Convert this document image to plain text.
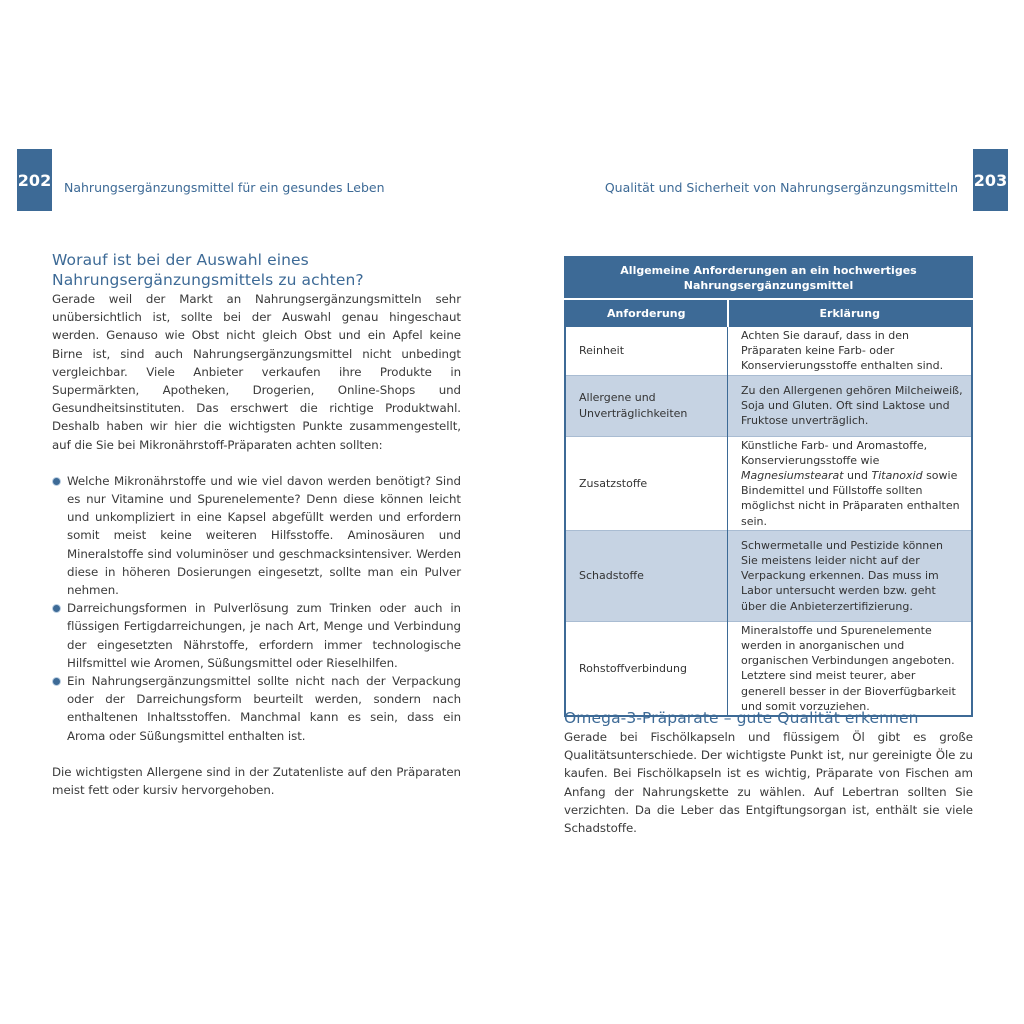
202 Nahrungsergänzungsmittel für ein gesundes Leben	Qualität und Sicherheit von Nahrungsergänzungsmitteln 203
Worauf ist bei der Auswahl eines Nahrungsergänzungsmittels zu achten?

Gerade weil der Markt an Nahrungsergänzungsmitteln sehr unübersichtlich ist, sollte bei der Auswahl genau hingeschaut werden. Genauso wie Obst nicht gleich Obst und ein Apfel keine Birne ist, sind auch Nahrungsergänzungsmittel nicht unbedingt vergleichbar. Viele Anbieter verkaufen ihre Produkte in Supermärkten, Apotheken, Drogerien, Online-Shops und Gesundheitsinstituten. Das erschwert die richtige Produktwahl. Deshalb haben wir hier die wichtigsten Punkte zusammengestellt, auf die Sie bei Mikronährstoff-Präparaten achten sollten:

Welche Mikronährstoffe und wie viel davon werden benötigt? Sind es nur Vitamine und Spurenelemente? Denn diese können leicht und unkompliziert in eine Kapsel abgefüllt werden und erfordern somit meist keine weiteren Hilfsstoffe. Aminosäuren und Mineralstoffe sind voluminöser und geschmacksintensiver. Werden diese in höheren Dosierungen eingesetzt, sollte man ein Pulver nehmen.
Darreichungsformen in Pulverlösung zum Trinken oder auch in flüssigen Fertigdarreichungen, je nach Art, Menge und Verbindung der eingesetzten Nährstoffe, erfordern immer technologische Hilfsmittel wie Aromen, Süßungsmittel oder Rieselhilfen.
Ein Nahrungsergänzungsmittel sollte nicht nach der Verpackung oder der Darreichungsform beurteilt werden, sondern nach enthaltenen Inhaltsstoffen. Manchmal kann es sein, dass ein Aroma oder Süßungsmittel enthalten ist.

Die wichtigsten Allergene sind in der Zutatenliste auf den Präparaten meist fett oder kursiv hervorgehoben.

Allgemeine Anforderungen an ein hochwertiges Nahrungsergänzungsmittel	
Anforderung	Erklärung
Reinheit	Achten Sie darauf, dass in den Präparaten keine Farb- oder Konservierungsstoffe enthalten sind.
Allergene und Unverträglichkeiten	Zu den Allergenen gehören Milcheiweiß, Soja und Gluten. Oft sind Laktose und Fruktose unverträglich.
Zusatzstoffe	Künstliche Farb- und Aromastoffe, Konservierungsstoffe wie Magnesiumstearat und Titanoxid sowie Bindemittel und Füllstoffe sollten möglichst nicht in Präparaten enthalten sein.
Schadstoffe	Schwermetalle und Pestizide können Sie meistens leider nicht auf der Verpackung erkennen. Das muss im Labor untersucht werden bzw. geht über die Anbieterzertifizierung.
Rohstoffverbindung	Mineralstoffe und Spurenelemente werden in anorganischen und organischen Verbindungen angeboten. Letztere sind meist teurer, aber generell besser in der Bioverfügbarkeit und somit vorzuziehen.
Omega-3-Präparate – gute Qualität erkennen

Gerade bei Fischölkapseln und flüssigem Öl gibt es große Qualitätsunterschiede. Der wichtigste Punkt ist, nur gereinigte Öle zu kaufen. Bei Fischölkapseln ist es wichtig, Präparate von Fischen am Anfang der Nahrungskette zu wählen. Auf Lebertran sollten Sie verzichten. Da die Leber das Entgiftungsorgan ist, enthält sie viele Schadstoffe.
